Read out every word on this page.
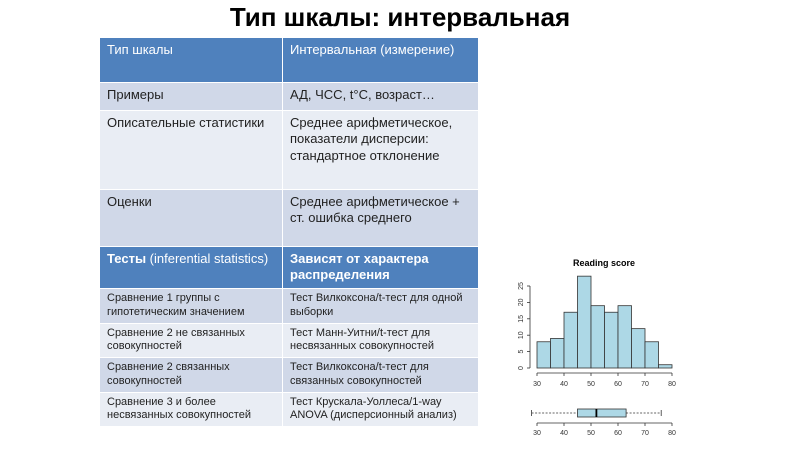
Тип шкалы: интервальная
Тип шкалы	Интервальная (измерение)
Примеры	АД, ЧСС, t°C, возраст…
Описательные статистики	Среднее арифметическое, показатели дисперсии: стандартное отклонение
Оценки	Среднее арифметическое + ст. ошибка среднего
Тесты (inferential statistics)	Зависят от характера распределения
Сравнение 1 группы с гипотетическим значением	Тест Вилкоксона/t-тест для одной выборки
Сравнение 2 не связанных совокупностей	Тест Манн-Уитни/t-тест для несвязанных совокупностей
Сравнение 2 связанных совокупностей	Тест Вилкоксона/t-тест для связанных совокупностей
Сравнение 3 и более несвязанных совокупностей	Тест Крускала-Уоллеса/1-way ANOVA (дисперсионный анализ)
Reading score
0
5
10
15
20
25
30	40	50	60	70	80
30	40	50	60	70	80
